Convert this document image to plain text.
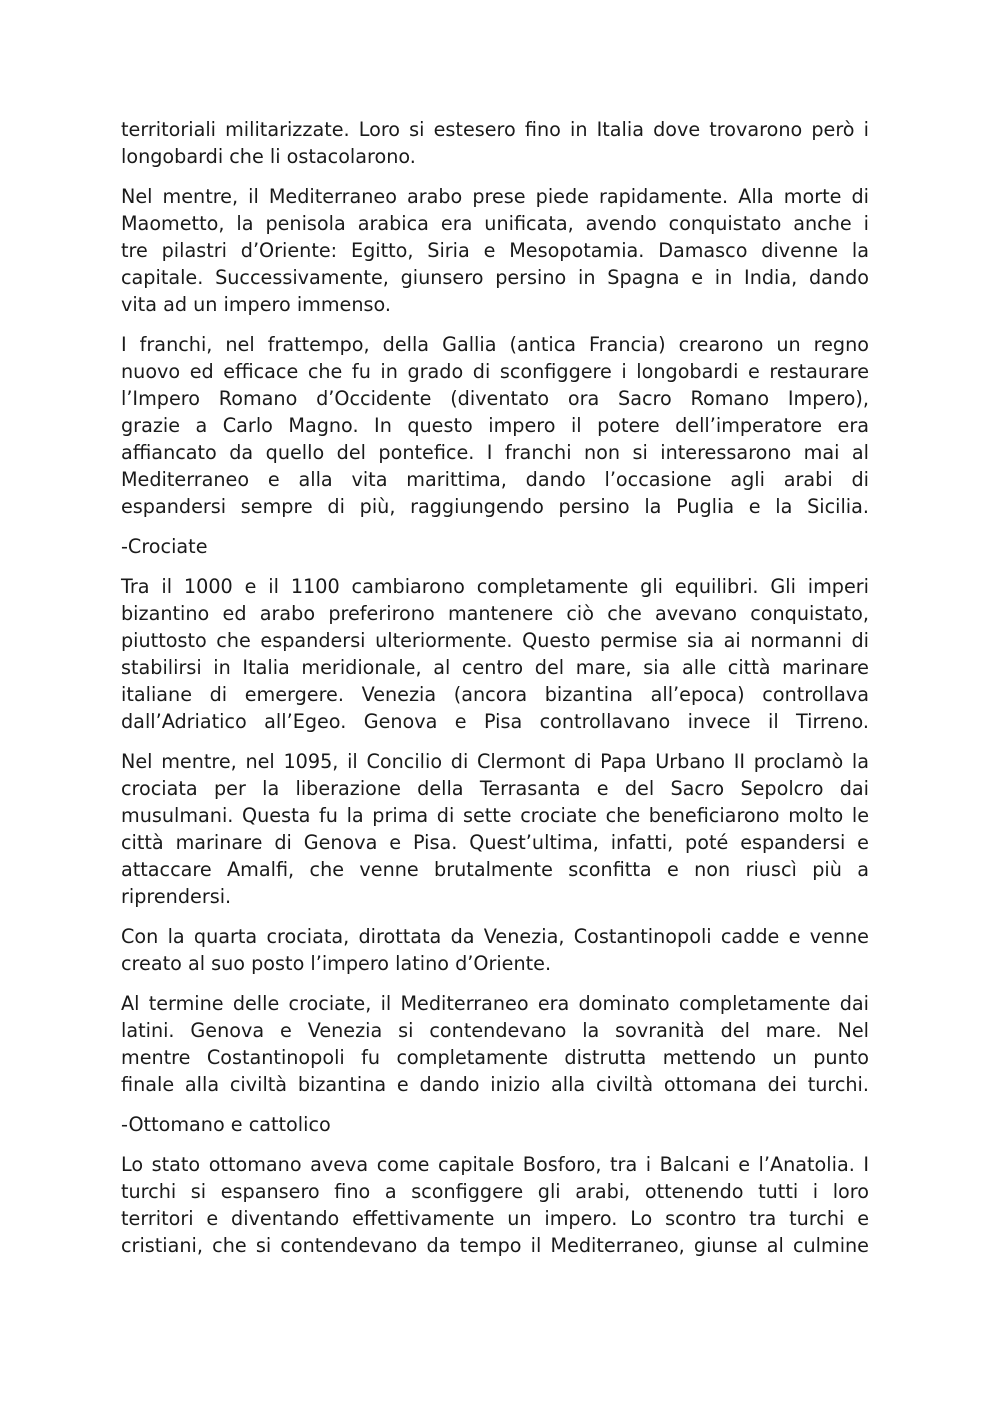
territoriali militarizzate. Loro si estesero fino in Italia dove trovarono però i
longobardi che li ostacolarono.
Nel mentre, il Mediterraneo arabo prese piede rapidamente. Alla morte di
Maometto, la penisola arabica era unificata, avendo conquistato anche i
tre pilastri d’Oriente: Egitto, Siria e Mesopotamia. Damasco divenne la
capitale. Successivamente, giunsero persino in Spagna e in India, dando
vita ad un impero immenso.
I franchi, nel frattempo, della Gallia (antica Francia) crearono un regno
nuovo ed efficace che fu in grado di sconfiggere i longobardi e restaurare
l’Impero Romano d’Occidente (diventato ora Sacro Romano Impero),
grazie a Carlo Magno. In questo impero il potere dell’imperatore era
affiancato da quello del pontefice. I franchi non si interessarono mai al
Mediterraneo e alla vita marittima, dando l’occasione agli arabi di
espandersi sempre di più, raggiungendo persino la Puglia e la Sicilia.
-Crociate
Tra il 1000 e il 1100 cambiarono completamente gli equilibri. Gli imperi
bizantino ed arabo preferirono mantenere ciò che avevano conquistato,
piuttosto che espandersi ulteriormente. Questo permise sia ai normanni di
stabilirsi in Italia meridionale, al centro del mare, sia alle città marinare
italiane di emergere. Venezia (ancora bizantina all’epoca) controllava
dall’Adriatico all’Egeo. Genova e Pisa controllavano invece il Tirreno.
Nel mentre, nel 1095, il Concilio di Clermont di Papa Urbano II proclamò la
crociata per la liberazione della Terrasanta e del Sacro Sepolcro dai
musulmani. Questa fu la prima di sette crociate che beneficiarono molto le
città marinare di Genova e Pisa. Quest’ultima, infatti, poté espandersi e
attaccare Amalfi, che venne brutalmente sconfitta e non riuscì più a
riprendersi.
Con la quarta crociata, dirottata da Venezia, Costantinopoli cadde e venne
creato al suo posto l’impero latino d’Oriente.
Al termine delle crociate, il Mediterraneo era dominato completamente dai
latini. Genova e Venezia si contendevano la sovranità del mare. Nel
mentre Costantinopoli fu completamente distrutta mettendo un punto
finale alla civiltà bizantina e dando inizio alla civiltà ottomana dei turchi.
-Ottomano e cattolico
Lo stato ottomano aveva come capitale Bosforo, tra i Balcani e l’Anatolia. I
turchi si espansero fino a sconfiggere gli arabi, ottenendo tutti i loro
territori e diventando effettivamente un impero. Lo scontro tra turchi e
cristiani, che si contendevano da tempo il Mediterraneo, giunse al culmine
